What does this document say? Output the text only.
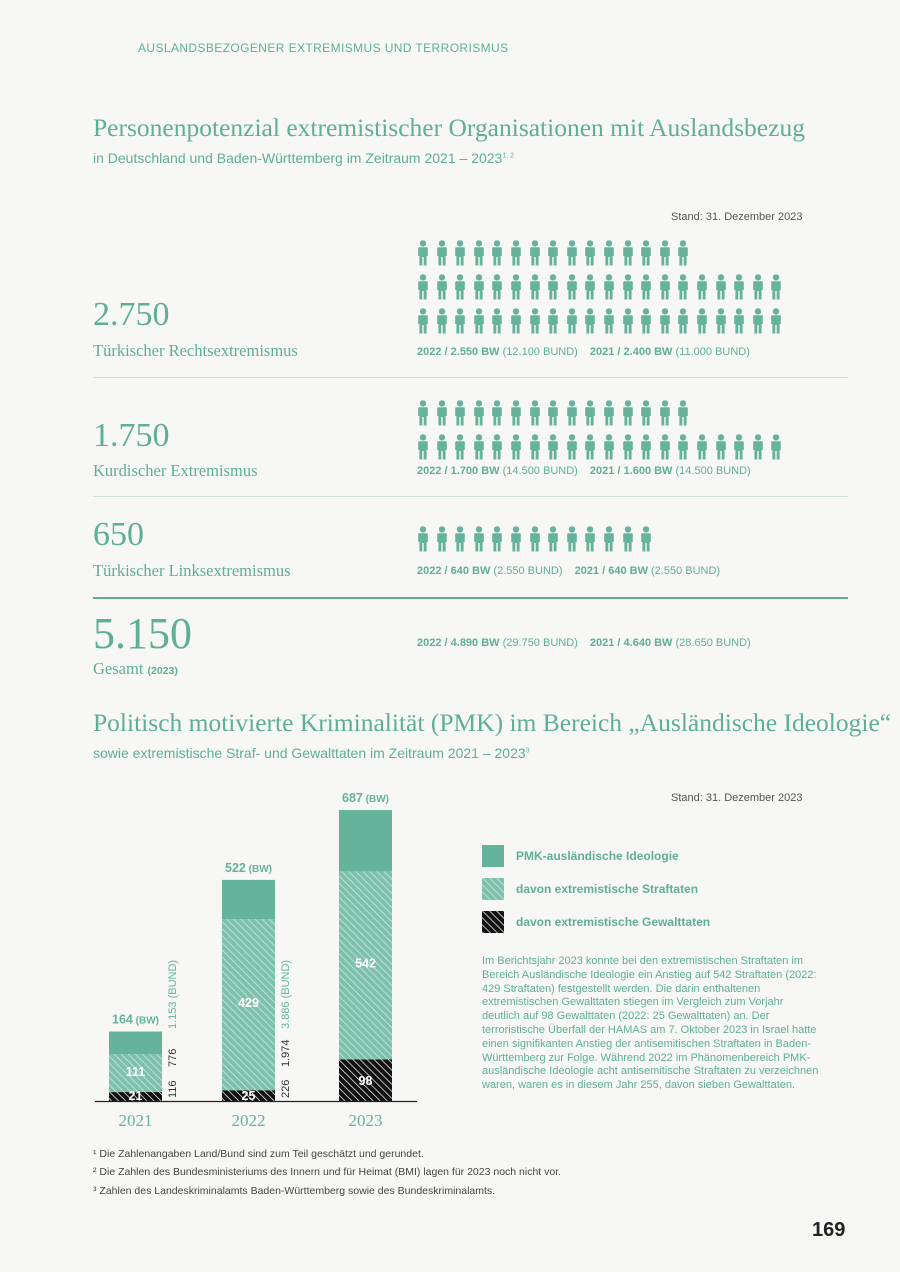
AUSLANDSBEZOGENER EXTREMISMUS UND TERRORISMUS
Personenpotenzial extremistischer Organisationen mit Auslandsbezug
in Deutschland und Baden-Württemberg im Zeitraum 2021 – 2023$^{1, 2}$
Stand: 31. Dezember 2023
2.750
Türkischer Rechtsextremismus	2022 / 2.550 BW (12.100 BUND) 2021 / 2.400 BW (11.000 BUND)
1.750
Kurdischer Extremismus	2022 / 1.700 BW (14.500 BUND) 2021 / 1.600 BW (14.500 BUND)
650
Türkischer Linksextremismus	2022 / 640 BW (2.550 BUND) 2021 / 640 BW (2.550 BUND)
5.150
Gesamt (2023)
2022 / 4.890 BW (29.750 BUND) 2021 / 4.640 BW (28.650 BUND)
Politisch motivierte Kriminalität (PMK) im Bereich „Ausländische Ideologie“
sowie extremistische Straf- und Gewalttaten im Zeitraum 2021 – 2023$^3$
Stand: 31. Dezember 2023
164 (BW)
111
21
2021
116
776
1.153 (BUND)
522 (BW)
429
25
2022
226
1.974
3.886 (BUND)
687 (BW)
542
98
2023
PMK-ausländische Ideologie
davon extremistische Straftaten
davon extremistische Gewalttaten
Im Berichtsjahr 2023 konnte bei den extremistischen Straftaten im Bereich Ausländische Ideologie ein Anstieg auf 542 Straftaten (2022: 429 Straftaten) festgestellt werden. Die darin enthaltenen extremistischen Gewalttaten stiegen im Vergleich zum Vorjahr deutlich auf 98 Gewalttaten (2022: 25 Gewalttaten) an. Der terroristische Überfall der HAMAS am 7. Oktober 2023 in Israel hatte einen signifikanten Anstieg der antisemitischen Straftaten in Baden-Württemberg zur Folge. Während 2022 im Phänomenbereich PMK-ausländische Ideologie acht antisemitische Straftaten zu verzeichnen waren, waren es in diesem Jahr 255, davon sieben Gewalttaten.
¹ Die Zahlenangaben Land/Bund sind zum Teil geschätzt und gerundet.
² Die Zahlen des Bundesministeriums des Innern und für Heimat (BMI) lagen für 2023 noch nicht vor.
³ Zahlen des Landeskriminalamts Baden-Württemberg sowie des Bundeskriminalamts.
169
